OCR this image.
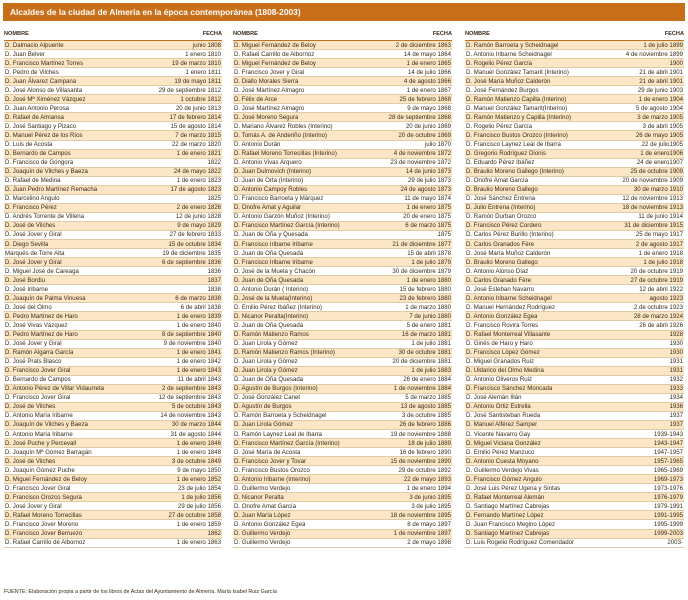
Alcaldes de la ciudad de Almería en la época contemporánea (1808-2003)
NOMBRE	FECHA
D. Dalmacio Alpuente	junio 1808
D. Juan Belver	1 enero 1810
D. Francisco Martínez Torres	19 de marzo 1810
D. Pedro de Vilches	1 enero 1811
D. Juan Álvarez Campana	19 de mayo 1811
D. José Alonso de Villasanta	29 de septiembre 1812
D. José Mª Ximénez Vázquez	1 octubre 1812
D. Juan Antonio Perosa	20 de junio 1813
D. Rafael de Almansa	17 de febrero 1814
D. José Santiago y Pizaco	15 de agosto 1814
D. Manuel Pérez de los Ríos	7 de marzo 1815
D. Luis de Acosta	22 de marzo 1820
D. Bernardo de Campos	1 de enero 1821
D. Francisco de Góngora	1822
D. Joaquín de Vilches y Baeza	24 de mayo 1822
D. Rafael de Medina	1 de enero 1823
D. Juan Pedro Martínez Remacha	17 de agosto 1823
D. Marcelino Angulo	1825
D. Francisco Pérez	2 de enero 1826
D. Andrés Torrente de Villena	12 de junio 1828
D. José de Vilches	9 de mayo 1829
D. José Jover y Giral	27 de febrero 1833
D. Diego Sevilla	15 de octubre 1834
Marqués de Torre Alta	19 de diciembre 1835
D. José Jover y Giral	6 de septiembre 1836
D. Miguel José de Careaga	1836
D. José Bordiu	1837
D. José Iribarne	1838
D. Joaquín de Palma Vinuesa	6 de marzo 1838
D. José del Olmo	6 de abril 1838
D. Pedro Martínez de Haro	1 de enero 1839
D. José Vivas Vázquez	1 de enero 1840
D. Pedro Martínez de Haro	8 de septiembre 1840
D. José Jover y Giral	9 de noviembre 1840
D. Ramón Algarra García	1 de enero 1841
D. José Prats Blasco	1 de enero 1842
D. Francisco Jover Giral	1 de enero 1843
D. Bernardo de Campos	11 de abril 1843
D. Antonio Pérez de Villar Vidaurreta	2 de septiembre 1843
D. Francisco Jover Giral	12 de septiembre 1843
D. José de Vilches	5 de octubre 1843
D. Antonio María Iribarne	14 de noviembre 1843
D. Joaquín de Vilches y Baeza	30 de marzo 1844
D. Antonio María Iribarne	31 de agosto 1844
D. José Puche y Percevall	1 de enero 1846
D. Joaquín Mª Gómez Barragán	1 de enero 1848
D. José de Vilches	3 de octubre 1849
D. Joaquín Gómez Puche	9 de mayo 1850
D. Miguel Fernández de Beloy	1 de enero 1852
D. Francisco Jover Giral	23 de julio 1854
D. Francisco Orozco Segura	1 de julio 1856
D. José Jover y Giral	29 de julio 1856
D. Rafael Moreno Torrecillas	27 de octubre 1858
D. Francisco Jover Moreno	1 de enero 1859
D. Francisco Jover Berruezo	1862
D. Rafael Carrillo de Albornoz	1 de enero 1863
NOMBRE	FECHA
D. Miguel Fernández de Beloy	2 de diciembre 1863
D. Rafael Carrillo de Albornoz	14 de mayo 1864
D. Miguel Fernández de Beloy	1 de enero 1865
D. Francisco Jover y Giral	14 de julio 1866
D. Diallo Morales Sierra	4 de agosto 1866
D. José Martínez Almagro	1 de enero 1867
D. Félix de Arce	25 de febrero 1868
D. José Martínez Almagro	9 de mayo 1868
D. José Moreno Segura	28 de septiembre 1868
D. Mariano Álvarez Robles (Interino)	20 de junio 1869
D. Tomás A. de Anderiño (Interino)	20 de octubre 1869
D. Antonio Durán	julio 1870
D. Rafael Moreno Torrecillas (Interino)	4 de noviembre 1872
D. Antonio Vivas Arquero	23 de noviembre 1872
D. Juan Dulmovich (Interino)	14 de junio 1873
D. Juan de Orta (Interino)	29 de julio 1873
D. Antonio Campoy Robles	24 de agosto 1873
D. Francisco Barroeta y Márquez	11 de mayo 1874
D. Onofre Amat y Aguilar	1 de enero 1875
D. Antonio Garzón Muñoz (Interino)	20 de enero 1875
D. Francisco Martínez García (Interino)	6 de marzo 1875
D. Juan de Oña y Quesada	1875
D. Francisco Iribarne Iribarne	21 de diciembre 1877
D. Juan de Oña Quesada	15 de abril 1878
D. Francisco Iribarne Iribarne	1 de julio 1879
D. José de la Muela y Chacón	30 de diciembre 1879
D. Juan de Oña Quesada	1 de enero 1880
D. Antonio Durán ( Interino)	15 de febrero 1880
D. José de la Muela(Interino)	23 de febrero 1880
D. Emilio Pérez Ibáñez (Interino)	1 de marzo 1880
D. Nicanor Peralta(Interino)	7 de junio 1880
D. Juan de Oña Quesada	5 de enero 1881
D. Ramón Matienzo Ramos	16 de marzo 1881
D. Juan Lirola y Gómez	1 de julio 1881
D. Ramón Matienzo Ramos (Interino)	30 de octubre 1881
D. Juan Lirola y Gómez	20 de diciembre 1881
D. Juan Lirola y Gómez	1 de julio 1883
D. Juan de Oña Quesada	26 de enero 1884
D. Agustín de Burgos (Interino)	1 de noviembre 1884
D. José González Canet	5 de marzo 1885
D. Agustín de Burgos	13 de agosto 1885
D. Ramón Barroeta y Scheidnagel	3 de octubre 1885
D. Juan Lirola Gómez	26 de febrero 1886
D. Ramón Laynez Leal de Ibarra	19 de noviembre 1888
D. Francisco Martínez García (Interino)	18 de julio 1889
D. José María de Acosta	16 de febrero 1890
D. Francisco Jover y Tovar	15 de noviembre 1890
D. Francisco Bustos Orozco	29 de octubre 1892
D. Antonio Iribarne (Interino)	22 de mayo 1893
D. Guillermo Verdejo	1 de enero 1894
D. Nicanor Peralta	3 de junio 1895
D. Onofre Amat García	3 de julio 1895
D. Juan María López	18 de noviembre 1895
D. Antonio González Egea	8 de mayo 1897
D. Guillermo Verdejo	1 de noviembre 1897
D. Guillermo Verdejo	2 de mayo 1898
NOMBRE	FECHA
D. Ramón Barroeta y Scheidnagel	1 de julio 1899
D. Antonio Iribarne Scheidnagel	4 de noviembre 1899
D. Rogelio Pérez García	1900
D. Manuel González Tamarit (Interino)	21 de abril 1901
D. José María Muñoz Calderón	21 de abril 1901
D. José Fernández Burgos	29 de junio 1903
D. Ramón Matienzo Capilla (Interino)	1 de enero 1904
D. Manuel González Tamarit(Interino)	5 de agosto 1904
D. Ramón Matienzo y Capilla (Interino)	3 de marzo 1905
D. Rogelio Pérez García	3 de abril 1905
D. Francisco Bustos Orozco (Interino)	26 de mayo 1905
D. Francisco Laynez Leal de Ibarra	22 de julio1905
D. Gregorio Rodríguez Dionis	1 de enero1906
D. Eduardo Pérez Ibáñez	24 de enero1907
D. Braulio Moreno Gallego (Interino)	25 de octubre 1909
D. Onofre Amat García	20 de noviembre 1909
D. Braulio Moreno Gallego	30 de marzo 1910
D. José Sánchez Entrena	12 de noviembre 1913
D. Julio Entrena (Interino)	18 de noviembre 1913
D. Ramón Durban Orozco	11 de junio 1914
D. Francisco Pérez Cordero	31 de diciembre 1915
D. Carlos Pérez Burillo (Interino)	25 de mayo 1917
D. Carlos Granados Fère	2 de agosto 1917
D. José María Muñoz Calderón	1 de enero 1918
D. Braulio Moreno Gallego	1 de julio 1918
D. Antonio Alonso Díaz	20 de octubre 1919
D. Carlos Granado Fère	27 de octubre 1919
D. José Esteban Navarro	12 de abril 1922
D. Antonio Iribarne Scheidnagel	agosto 1923
D. Manuel Hernández Rodríguez	2 de octubre 1923
D. Antonio González Egea	28 de marzo 1924
D. Francisco Rovira Torres	26 de abril 1926
D. Rafael Monterreal Villasante	1928
D. Ginés de Haro y Haro	1930
D. Francisco López Gómez	1930
D. Miguel Granados Ruiz	1931
D. Uldarico del Olmo Medina	1931
D. Antonio Oliveros Ruiz	1932
D. Francisco Sánchez Moncada	1933
D. José Alemán Illán	1934
D. Antonio Ortiz Estrella	1936
D. José Santisteban Rueda	1937
D. Manuel Alférez Samper	1937
D. Vicente Navarro Gay	1939-1943
D. Miguel Viciana González	1943-1947
D. Emilio Pérez Manzuco	1947-1957
D. Antonio Cuesta Moyano	1957-1965
D. Guillermo Verdejo Vivas	1965-1969
D. Francisco Gómez Angulo	1969-1973
D. José Luis Pérez Ugena y Sintas	1973-1976
D. Rafael Monterreal Alemán	1976-1979
D. Santiago Martínez Cabrejas	1979-1991
D. Fernando Martínez López	1991-1995
D. Juan Francisco Megino López	1995-1999
D. Santiago Martínez Cabrejas	1999-2003
D. Luis Rogelio Rodríguez Comendador	2003-
FUENTE: Elaboración propia a partir de los libros de Actas del Ayuntamiento de Almería. María Isabel Ruiz García
